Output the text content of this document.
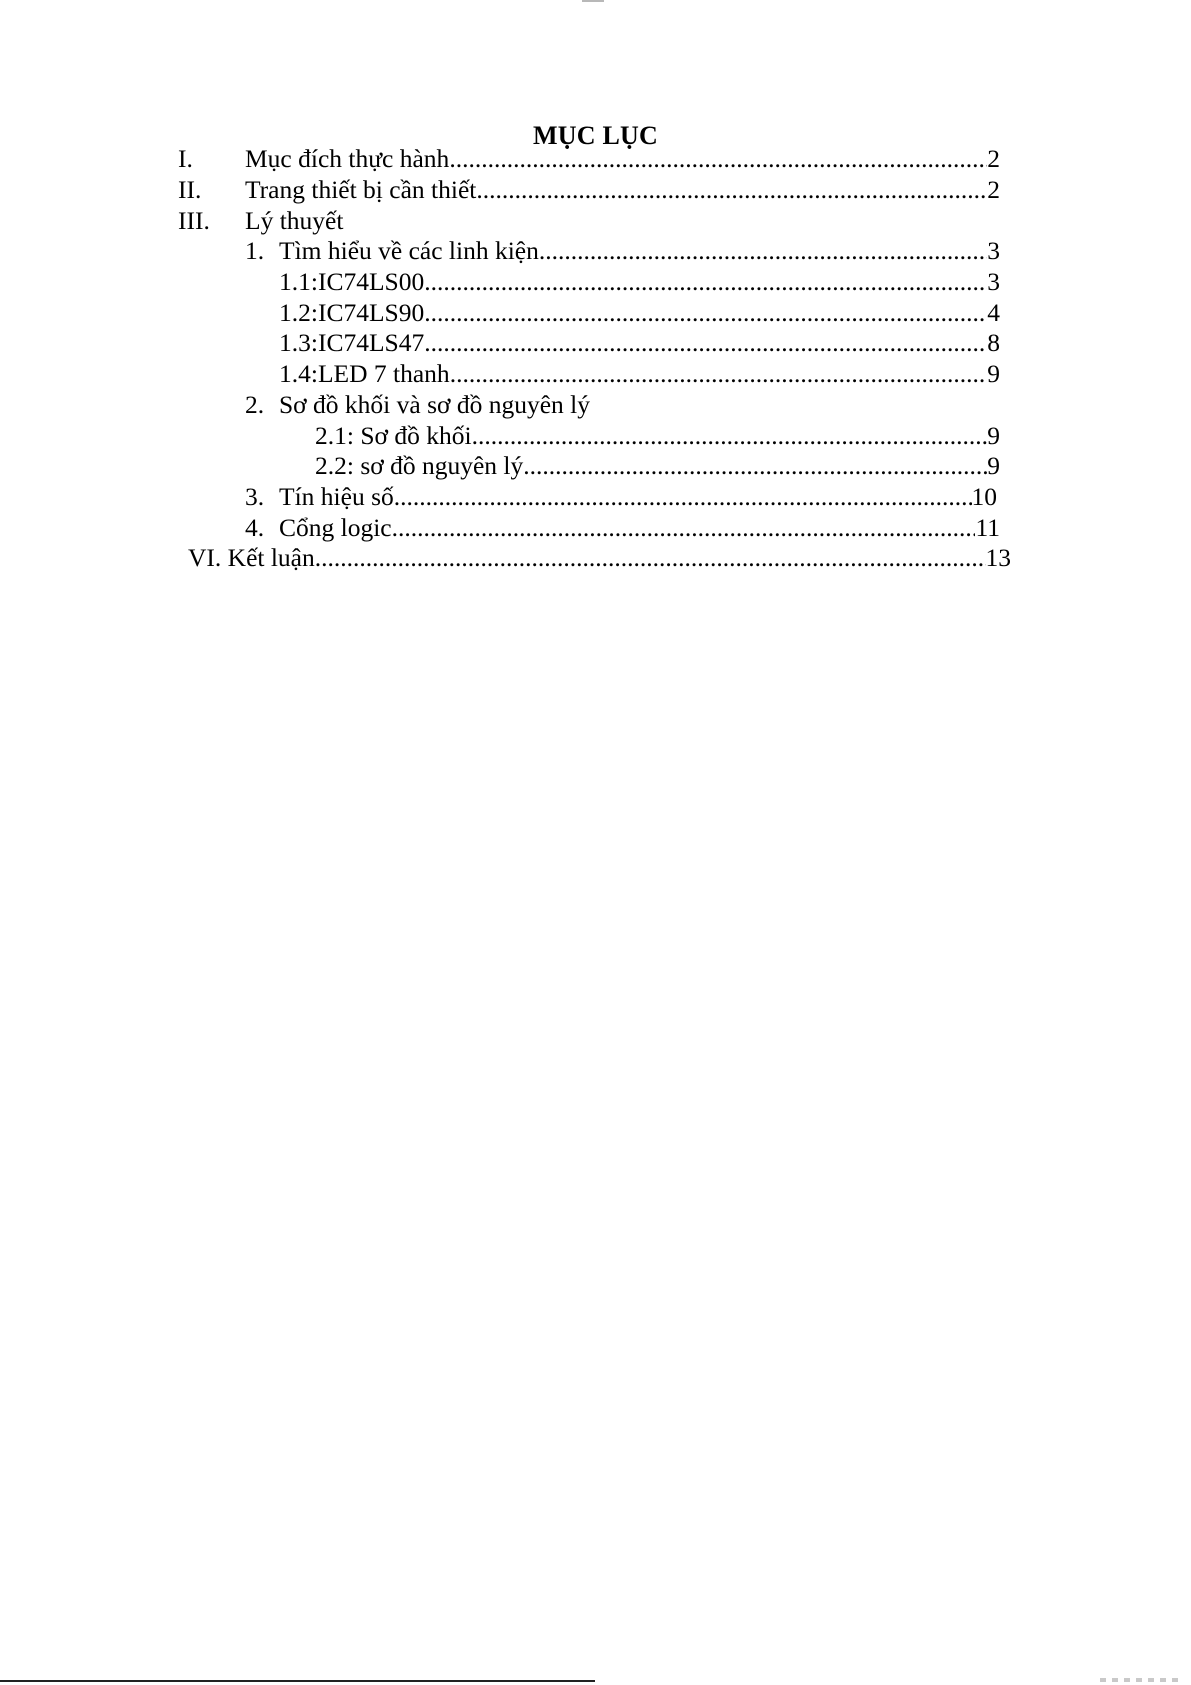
MỤC LỤC
I. Mục đích thực hành .....	2
II. Trang thiết bị cần thiết .....	2
III. Lý thuyết
1. Tìm hiểu về các linh kiện .....	3
1.1:IC74LS00 .....	3
1.2:IC74LS90 .....	4
1.3:IC74LS47 .....	8
1.4:LED 7 thanh .....	9
2. Sơ đồ khối và sơ đồ nguyên lý
2.1: Sơ đồ khối .....	9
2.2: sơ đồ nguyên lý .....	9
3. Tín hiệu số .....	10
4. Cổng logic .....	11
VI. Kết luận .....	13
